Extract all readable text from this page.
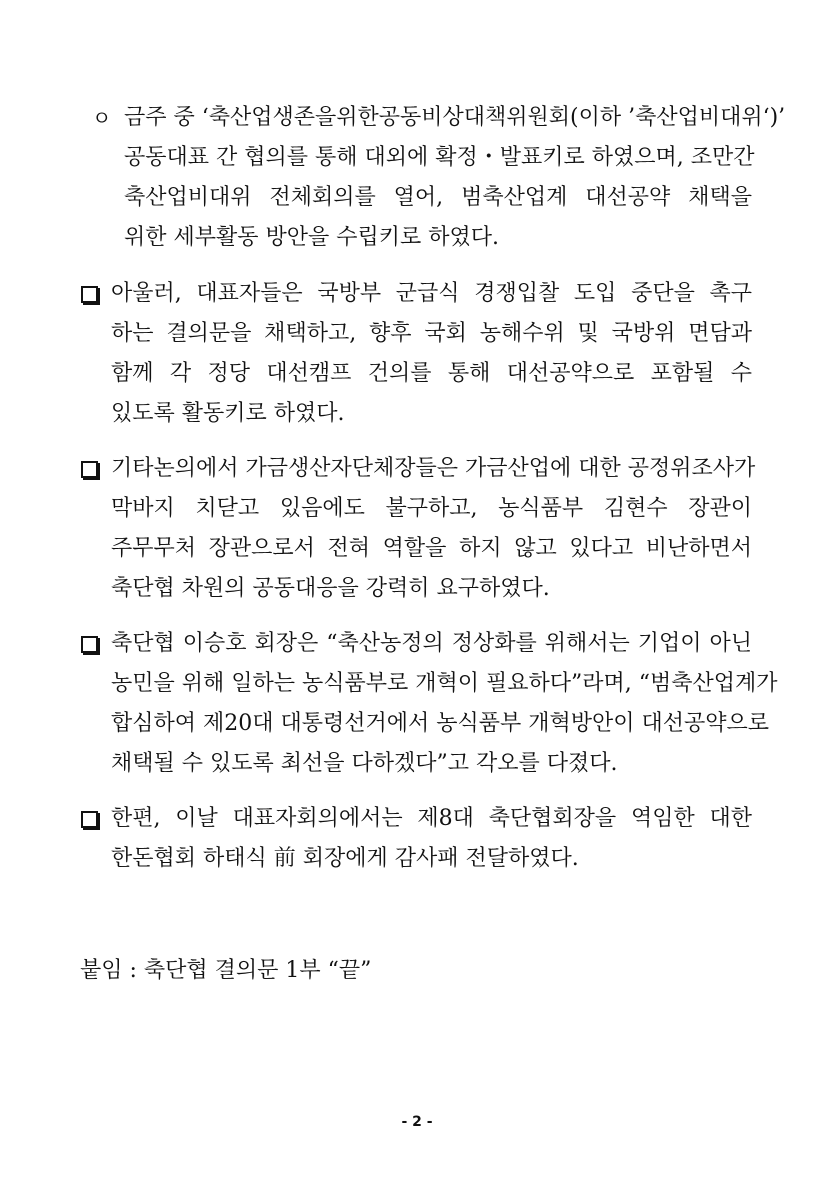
ㅇ 금주 중 ‘축산업생존을위한공동비상대책위원회(이하 ’축산업비대위‘)’
공동대표 간 협의를 통해 대외에 확정・발표키로 하였으며, 조만간
축산업비대위 전체회의를 열어, 범축산업계 대선공약 채택을
위한 세부활동 방안을 수립키로 하였다.
아울러, 대표자들은 국방부 군급식 경쟁입찰 도입 중단을 촉구
하는 결의문을 채택하고, 향후 국회 농해수위 및 국방위 면담과
함께 각 정당 대선캠프 건의를 통해 대선공약으로 포함될 수
있도록 활동키로 하였다.
기타논의에서 가금생산자단체장들은 가금산업에 대한 공정위조사가
막바지 치닫고 있음에도 불구하고, 농식품부 김현수 장관이
주무무처 장관으로서 전혀 역할을 하지 않고 있다고 비난하면서
축단협 차원의 공동대응을 강력히 요구하였다.
축단협 이승호 회장은 “축산농정의 정상화를 위해서는 기업이 아닌
농민을 위해 일하는 농식품부로 개혁이 필요하다”라며, “범축산업계가
합심하여 제20대 대통령선거에서 농식품부 개혁방안이 대선공약으로
채택될 수 있도록 최선을 다하겠다”고 각오를 다졌다.
한편, 이날 대표자회의에서는 제8대 축단협회장을 역임한 대한
한돈협회 하태식 前 회장에게 감사패 전달하였다.
붙임 : 축단협 결의문 1부 “끝”
- 2 -
